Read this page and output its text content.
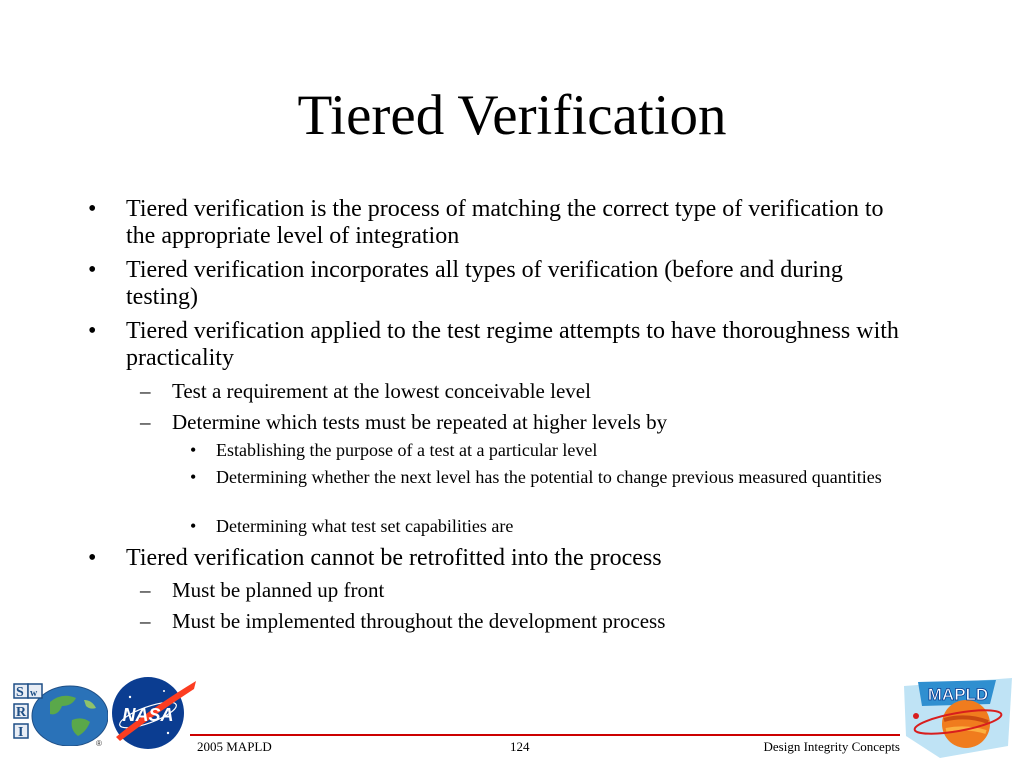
Tiered Verification
• Tiered verification is the process of matching the correct type of verification to the appropriate level of integration
• Tiered verification incorporates all types of verification (before and during testing)
• Tiered verification applied to the test regime attempts to have thoroughness with practicality
– Test a requirement at the lowest conceivable level
– Determine which tests must be repeated at higher levels by
• Establishing the purpose of a test at a particular level
• Determining whether the next level has the potential to change previous measured quantities
• Determining what test set capabilities are
• Tiered verification cannot be retrofitted into the process
– Must be planned up front
– Must be implemented throughout the development process
S w
R
I
®
NASA
MAPLD
2005 MAPLD	124	Design Integrity Concepts
